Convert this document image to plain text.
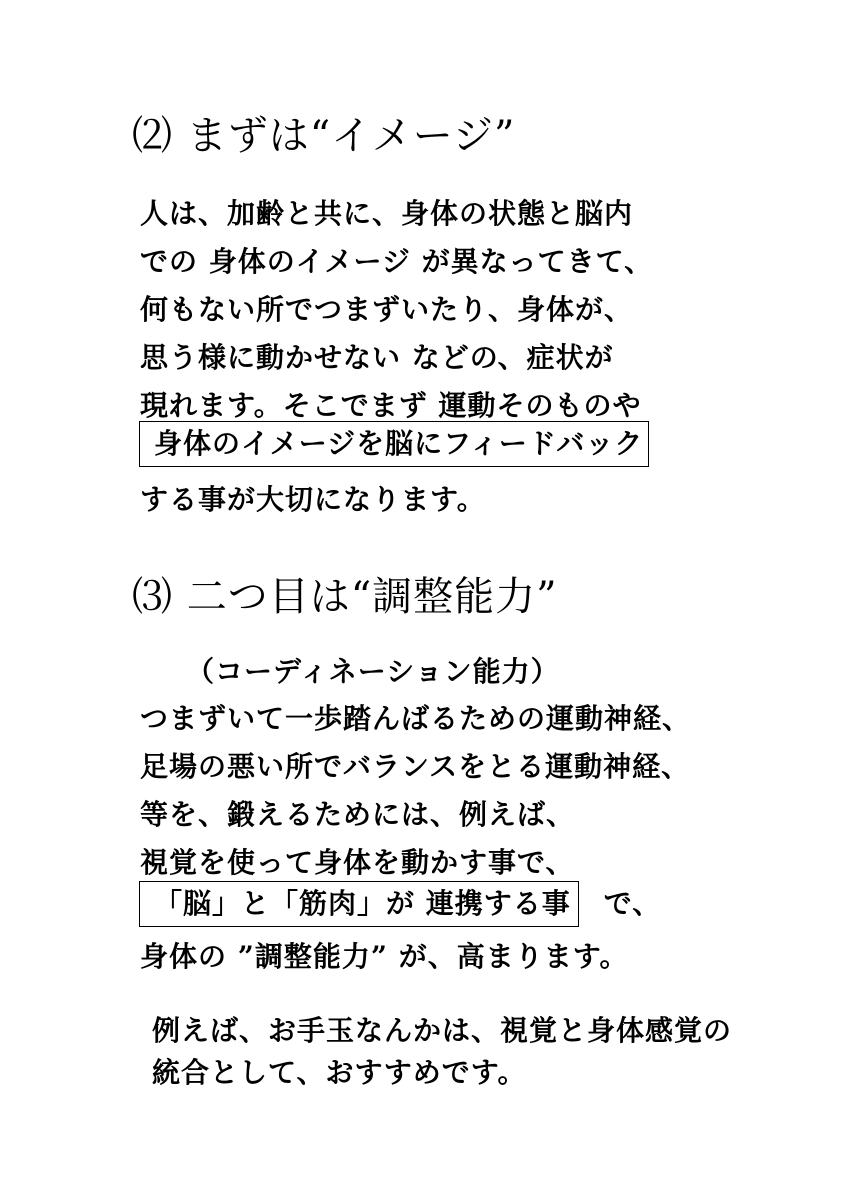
⑵ まずは“イメージ”
人は、加齢と共に、身体の状態と脳内
での 身体のイメージ が異なってきて、
何もない所でつまずいたり、身体が、
思う様に動かせない などの、症状が
現れます。そこでまず 運動そのものや
身体のイメージを脳にフィードバック
する事が大切になります。
⑶ 二つ目は“調整能力”
（コーディネーション能力）
つまずいて一歩踏んばるための運動神経、
足場の悪い所でバランスをとる運動神経、
等を、鍛えるためには、例えば、
視覚を使って身体を動かす事で、
「脳」と「筋肉」が 連携する事 で、
身体の ”調整能力” が、高まります。
例えば、お手玉なんかは、視覚と身体感覚の
統合として、おすすめです。
